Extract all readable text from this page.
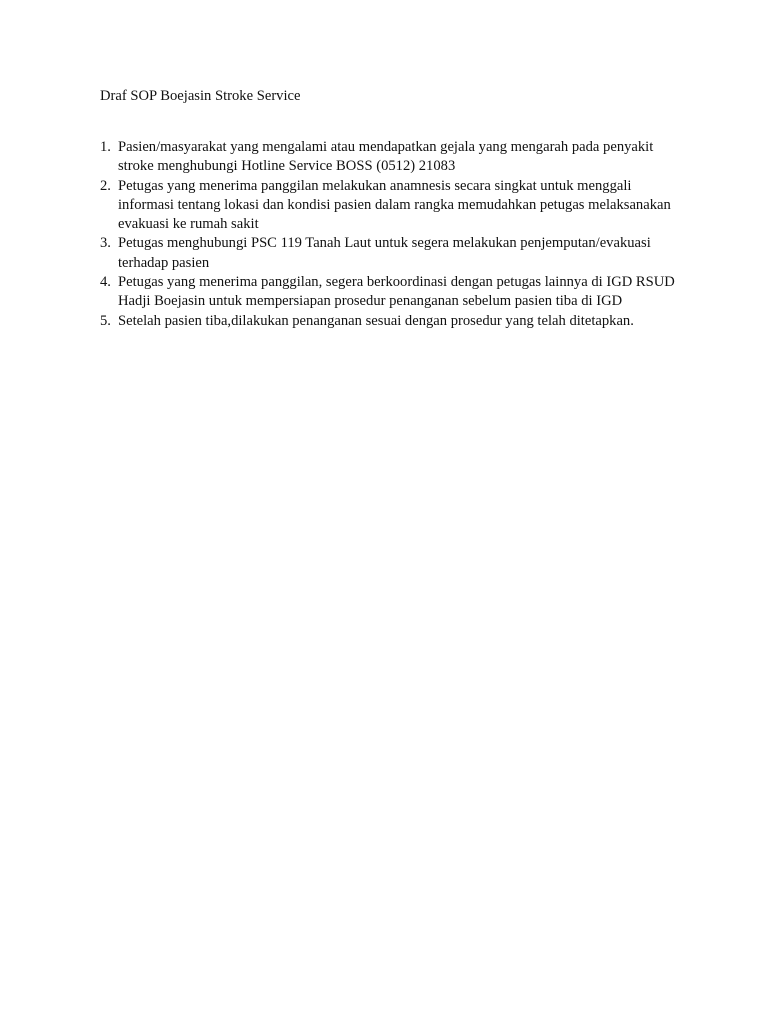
Draf SOP Boejasin Stroke Service
1. Pasien/masyarakat yang mengalami atau mendapatkan gejala yang mengarah pada penyakit stroke menghubungi Hotline Service BOSS (0512) 21083
2. Petugas yang menerima panggilan melakukan anamnesis secara singkat untuk menggali informasi tentang lokasi dan kondisi pasien dalam rangka memudahkan petugas melaksanakan evakuasi ke rumah sakit
3. Petugas menghubungi PSC 119 Tanah Laut untuk segera melakukan penjemputan/evakuasi terhadap pasien
4. Petugas yang menerima panggilan, segera berkoordinasi dengan petugas lainnya di IGD RSUD Hadji Boejasin untuk mempersiapan prosedur penanganan sebelum pasien tiba di IGD
5. Setelah pasien tiba,dilakukan penanganan sesuai dengan prosedur yang telah ditetapkan.
